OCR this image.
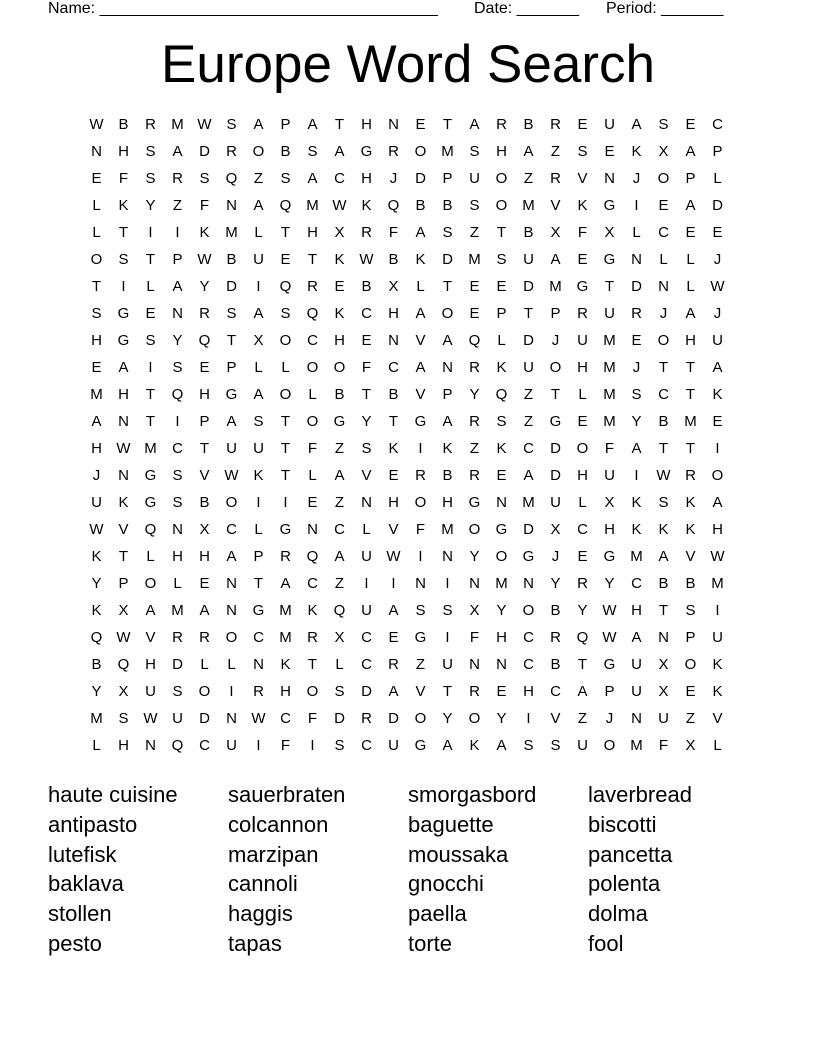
Name: ______________________________________ Date: _______ Period: _______
Europe Word Search
W B	R	M W S	A	P	A	T	H	N	E	T	A	R	B	R	E	U	A	S	E	C
N	H	S	A	D	R	O	B	S	A	G	R	O M	S	H	A	Z	S	E	K	X	A	P
E	F	S	R	S	Q	Z	S	A	C	H	J	D	P	U	O	Z	R	V	N	J	O	P	L
L	K	Y	Z	F	N	A	Q M W K	Q	B	B	S	O M	V	K	G	I	E	A	D
L	T	I	I	K	M	L	T	H	X	R	F	A	S	Z	T	B	X	F	X	L	C	E	E
O	S	T	P W B	U	E	T	K W B	K	D	M	S	U	A	E	G	N	L	L	J
T	I	L	A	Y	D	I	Q	R	E	B	X	L	T	E	E	D	M G	T	D	N	L	W
S	G	E	N	R	S	A	S	Q	K	C	H	A	O	E	P	T	P	R	U	R	J	A	J
H	G	S	Y	Q	T	X	O	C	H	E	N	V	A	Q	L	D	J	U	M	E	O	H	U
E	A	I	S	E	P	L	L	O	O	F	C	A	N	R	K	U	O	H	M	J	T	T	A
M	H	T	Q	H	G	A	O	L	B	T	B	V	P	Y	Q	Z	T	L	M	S	C	T	K
A	N	T	I	P	A	S	T	O	G	Y	T	G	A	R	S	Z	G	E	M	Y	B	M	E
H W M	C	T	U	U	T	F	Z	S	K	I	K	Z	K	C	D	O	F	A	T	T	I
J	N	G	S	V W K	T	L	A	V	E	R	B	R	E	A	D	H	U	I	W R	O
U	K	G	S	B	O	I	I	E	Z	N	H	O	H	G	N	M	U	L	X	K	S	K	A
W V	Q	N	X	C	L	G	N	C	L	V	F	M O	G	D	X	C	H	K	K	K	H
K	T	L	H	H	A	P	R	Q	A	U W	I	N	Y	O	G	J	E	G M	A	V W
Y	P	O	L	E	N	T	A	C	Z	I	I	N	I	N	M	N	Y	R	Y	C	B	B	M
K	X	A	M	A	N	G M	K	Q	U	A	S	S	X	Y	O	B	Y W H	T	S	I
Q W V	R	R	O	C	M	R	X	C	E	G	I	F	H	C	R	Q W A	N	P	U
B	Q	H	D	L	L	N	K	T	L	C	R	Z	U	N	N	C	B	T	G	U	X	O	K
Y	X	U	S	O	I	R	H	O	S	D	A	V	T	R	E	H	C	A	P	U	X	E	K
M	S W U	D	N W C	F	D	R	D	O	Y	O	Y	I	V	Z	J	N	U	Z	V
L	H	N	Q	C	U	I	F	I	S	C	U	G	A	K	A	S	S	U	O M	F	X	L
haute cuisine
antipasto
lutefisk
baklava
stollen
pesto
sauerbraten
colcannon
marzipan
cannoli
haggis
tapas
smorgasbord
baguette
moussaka
gnocchi
paella
torte
laverbread
biscotti
pancetta
polenta
dolma
fool
